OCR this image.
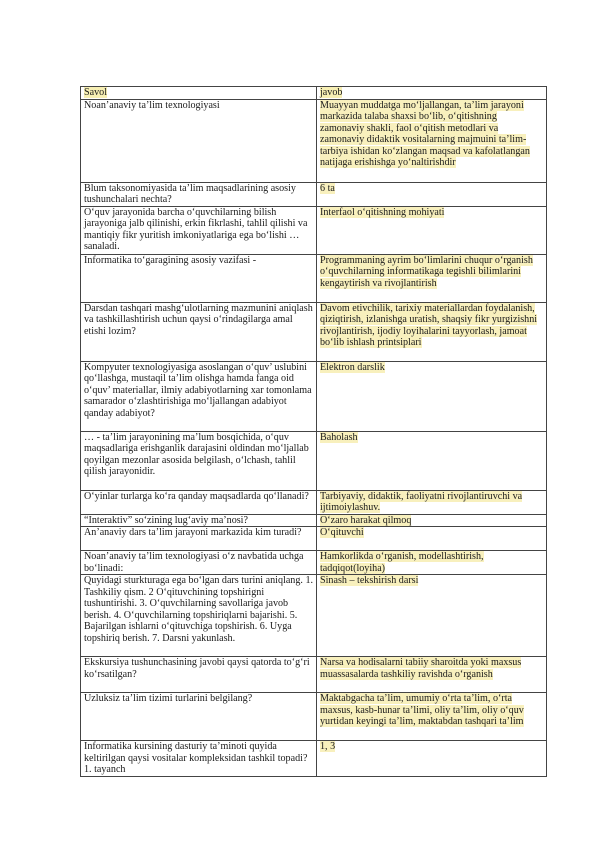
Savol	javob
Noan’anaviy ta’lim texnologiyasi	Muayyan muddatga mo‘ljallangan, ta’lim jarayoni markazida talaba shaxsi bo‘lib, o‘qitishning zamonaviy shakli, faol o‘qitish metodlari va zamonaviy didaktik vositalarning majmuini ta’lim-tarbiya ishidan ko‘zlangan maqsad va kafolatlangan natijaga erishishga yo‘naltirishdir
Blum taksonomiyasida ta’lim maqsadlarining asosiy tushunchalari nechta?	6 ta
O‘quv jarayonida barcha o‘quvchilarning bilish jarayoniga jalb qilinishi, erkin fikrlashi, tahlil qilishi va mantiqiy fikr yuritish imkoniyatlariga ega bo‘lishi … sanaladi.	Interfaol o‘qitishning mohiyati
Informatika to‘garagining asosiy vazifasi -	Programmaning ayrim bo‘limlarini chuqur o‘rganish o‘quvchilarning informatikaga tegishli bilimlarini kengaytirish va rivojlantirish
Darsdan tashqari mashg‘ulotlarning mazmunini aniqlash va tashkillashtirish uchun qaysi o‘rindagilarga amal etishi lozim?	Davom etivchilik, tarixiy materiallardan foydalanish, qiziqtirish, izlanishga uratish, shaqsiy fikr yurgizishni rivojlantirish, ijodiy loyihalarini tayyorlash, jamoat bo‘lib ishlash printsiplari
Kompyuter texnologiyasiga asoslangan o‘quv’ uslubini qo‘llashga, mustaqil ta’lim olishga hamda fanga oid o‘quv’ materiallar, ilmiy adabiyotlarning xar tomonlama samarador o‘zlashtirishiga mo‘ljallangan adabiyot qanday adabiyot?	Elektron darslik
… - ta’lim jarayonining ma’lum bosqichida, o‘quv maqsadlariga erishganlik darajasini oldindan mo‘ljallab qoyilgan mezonlar asosida belgilash, o‘lchash, tahlil qilish jarayonidir.	Baholash
O‘yinlar turlarga ko‘ra qanday maqsadlarda qo‘llanadi?	Tarbiyaviy, didaktik, faoliyatni rivojlantiruvchi va ijtimoiylashuv.
“Interaktiv” so‘zining lug‘aviy ma’nosi?	O‘zaro harakat qilmoq
An’anaviy dars ta’lim jarayoni markazida kim turadi?	O‘qituvchi
Noan’anaviy ta’lim texnologiyasi o‘z navbatida uchga bo‘linadi:	Hamkorlikda o‘rganish, modellashtirish, tadqiqot(loyiha)
Quyidagi sturkturaga ega bo‘lgan dars turini aniqlang. 1. Tashkiliy qism. 2 O‘qituvchining topshirigni tushuntirishi. 3. O‘quvchilarning savollariga javob berish. 4. O‘quvchilarning topshiriqlarni bajarishi. 5. Bajarilgan ishlarni o‘qituvchiga topshirish. 6. Uyga topshiriq berish. 7. Darsni yakunlash.	Sinash – tekshirish darsi
Ekskursiya tushunchasining javobi qaysi qatorda to‘g‘ri ko‘rsatilgan?	Narsa va hodisalarni tabiiy sharoitda yoki maxsus muassasalarda tashkiliy ravishda o‘rganish
Uzluksiz ta’lim tizimi turlarini belgilang?	Maktabgacha ta’lim, umumiy o‘rta ta’lim, o‘rta maxsus, kasb-hunar ta’limi, oliy ta’lim, oliy o‘quv yurtidan keyingi ta’lim, maktabdan tashqari ta’lim
Informatika kursining dasturiy ta’minoti quyida keltirilgan qaysi vositalar kompleksidan tashkil topadi? 1. tayanch	1, 3
